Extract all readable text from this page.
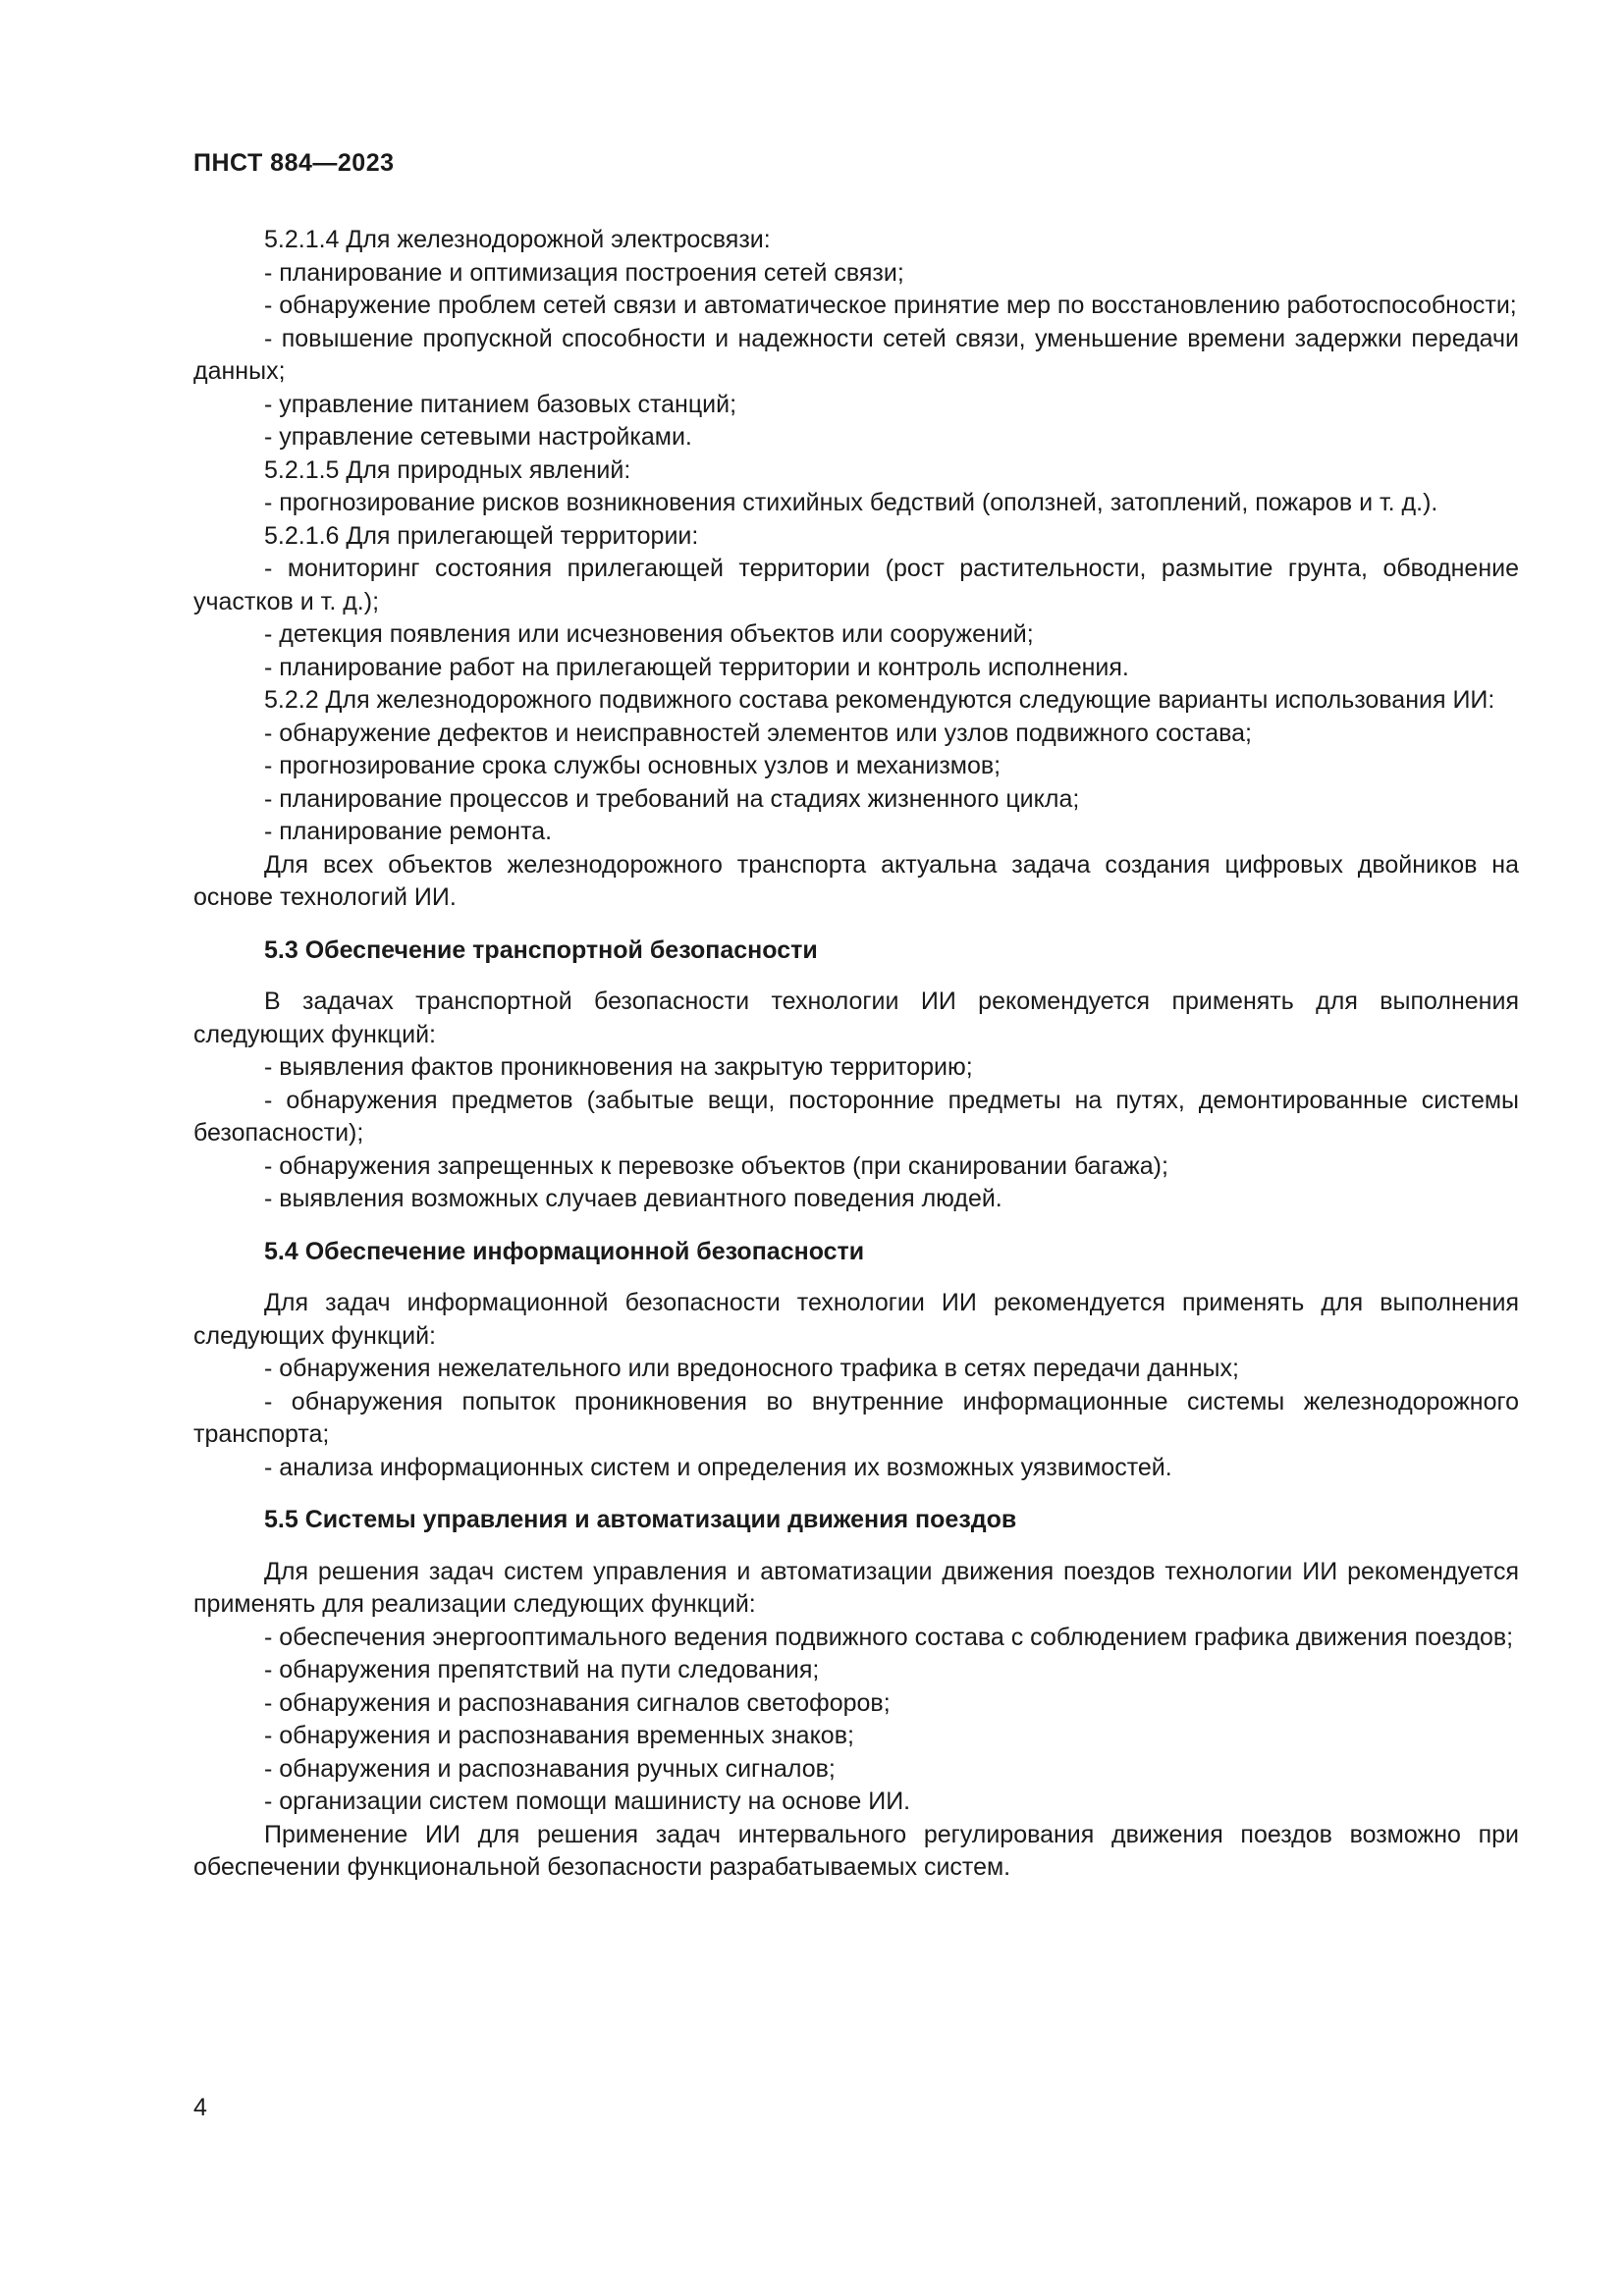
ПНСТ 884—2023

5.2.1.4 Для железнодорожной электросвязи:

- планирование и оптимизация построения сетей связи;

- обнаружение проблем сетей связи и автоматическое принятие мер по восстановлению работоспособности;

- повышение пропускной способности и надежности сетей связи, уменьшение времени задержки передачи данных;

- управление питанием базовых станций;

- управление сетевыми настройками.

5.2.1.5 Для природных явлений:

- прогнозирование рисков возникновения стихийных бедствий (оползней, затоплений, пожаров и т. д.).

5.2.1.6 Для прилегающей территории:

- мониторинг состояния прилегающей территории (рост растительности, размытие грунта, обводнение участков и т. д.);

- детекция появления или исчезновения объектов или сооружений;

- планирование работ на прилегающей территории и контроль исполнения.

5.2.2 Для железнодорожного подвижного состава рекомендуются следующие варианты использования ИИ:

- обнаружение дефектов и неисправностей элементов или узлов подвижного состава;

- прогнозирование срока службы основных узлов и механизмов;

- планирование процессов и требований на стадиях жизненного цикла;

- планирование ремонта.

Для всех объектов железнодорожного транспорта актуальна задача создания цифровых двойников на основе технологий ИИ.

5.3 Обеспечение транспортной безопасности

В задачах транспортной безопасности технологии ИИ рекомендуется применять для выполнения следующих функций:

- выявления фактов проникновения на закрытую территорию;

- обнаружения предметов (забытые вещи, посторонние предметы на путях, демонтированные системы безопасности);

- обнаружения запрещенных к перевозке объектов (при сканировании багажа);

- выявления возможных случаев девиантного поведения людей.

5.4 Обеспечение информационной безопасности

Для задач информационной безопасности технологии ИИ рекомендуется применять для выполнения следующих функций:

- обнаружения нежелательного или вредоносного трафика в сетях передачи данных;

- обнаружения попыток проникновения во внутренние информационные системы железнодорожного транспорта;

- анализа информационных систем и определения их возможных уязвимостей.

5.5 Системы управления и автоматизации движения поездов

Для решения задач систем управления и автоматизации движения поездов технологии ИИ рекомендуется применять для реализации следующих функций:

- обеспечения энергооптимального ведения подвижного состава с соблюдением графика движения поездов;

- обнаружения препятствий на пути следования;

- обнаружения и распознавания сигналов светофоров;

- обнаружения и распознавания временных знаков;

- обнаружения и распознавания ручных сигналов;

- организации систем помощи машинисту на основе ИИ.

Применение ИИ для решения задач интервального регулирования движения поездов возможно при обеспечении функциональной безопасности разрабатываемых систем.

4
